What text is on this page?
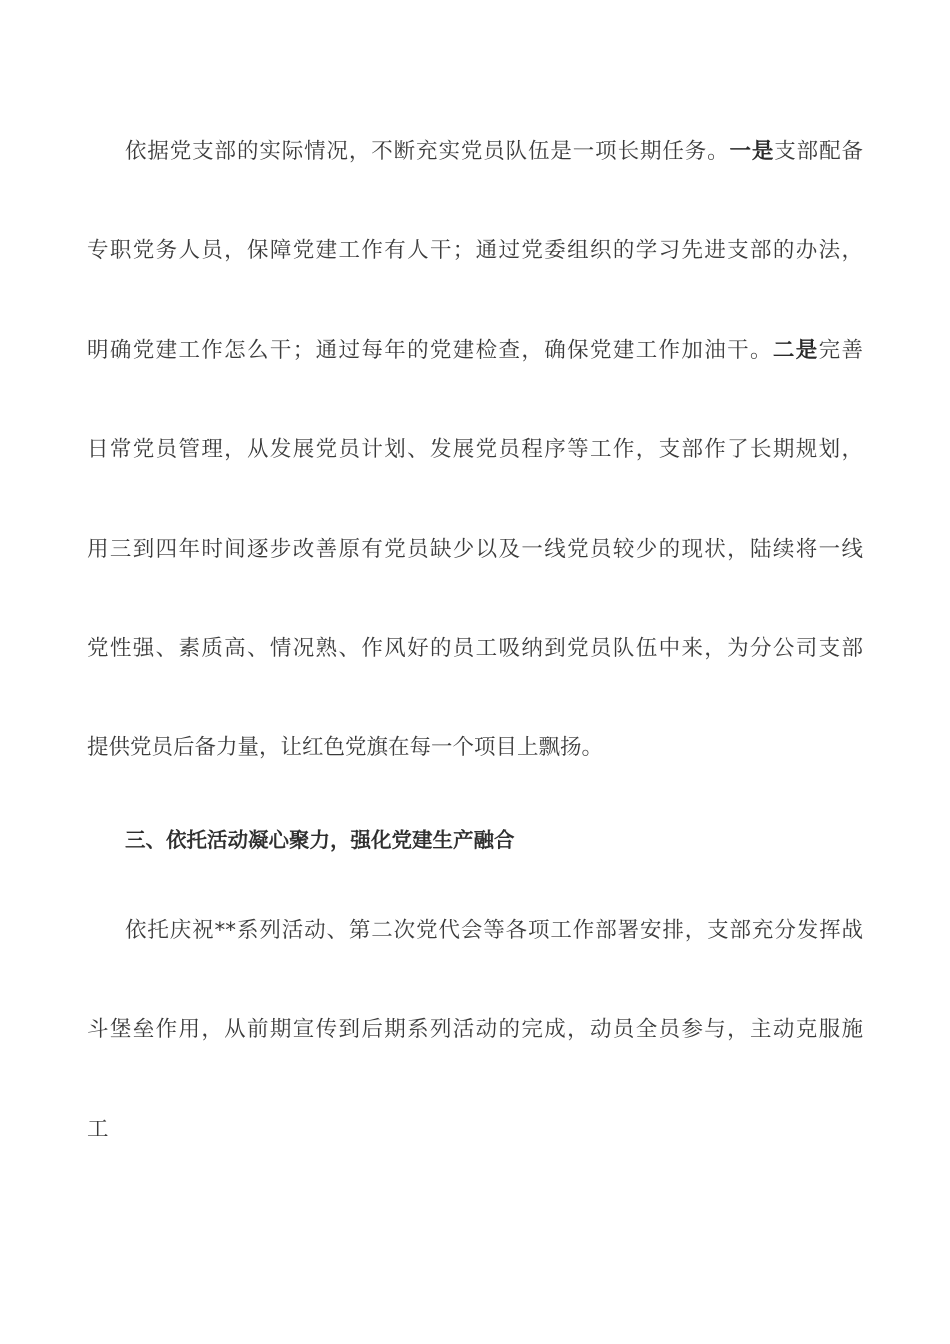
依据党支部的实际情况，不断充实党员队伍是一项长期任务。一是支部配备
专职党务人员，保障党建工作有人干；通过党委组织的学习先进支部的办法，
明确党建工作怎么干；通过每年的党建检查，确保党建工作加油干。二是完善
日常党员管理，从发展党员计划、发展党员程序等工作，支部作了长期规划，
用三到四年时间逐步改善原有党员缺少以及一线党员较少的现状，陆续将一线
党性强、素质高、情况熟、作风好的员工吸纳到党员队伍中来，为分公司支部
提供党员后备力量，让红色党旗在每一个项目上飘扬。
三、依托活动凝心聚力，强化党建生产融合
依托庆祝**系列活动、第二次党代会等各项工作部署安排，支部充分发挥战
斗堡垒作用，从前期宣传到后期系列活动的完成，动员全员参与，主动克服施
工
